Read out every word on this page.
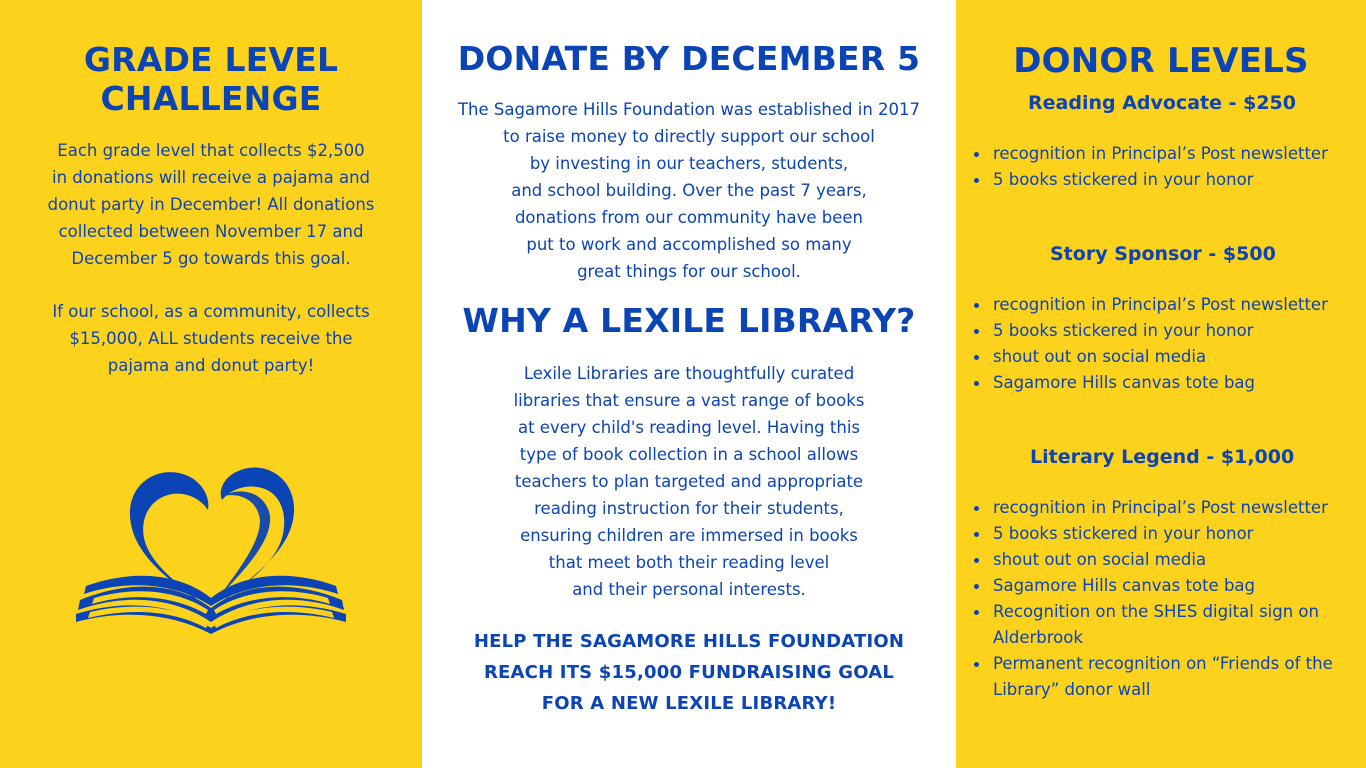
GRADE LEVEL
CHALLENGE

Each grade level that collects $2,500
in donations will receive a pajama and
donut party in December! All donations
collected between November 17 and
December 5 go towards this goal.

If our school, as a community, collects
$15,000, ALL students receive the
pajama and donut party!

DONATE BY DECEMBER 5

The Sagamore Hills Foundation was established in 2017
to raise money to directly support our school
by investing in our teachers, students,
and school building. Over the past 7 years,
donations from our community have been
put to work and accomplished so many
great things for our school.

WHY A LEXILE LIBRARY?

Lexile Libraries are thoughtfully curated
libraries that ensure a vast range of books
at every child's reading level. Having this
type of book collection in a school allows
teachers to plan targeted and appropriate
reading instruction for their students,
ensuring children are immersed in books
that meet both their reading level
and their personal interests.

HELP THE SAGAMORE HILLS FOUNDATION
REACH ITS $15,000 FUNDRAISING GOAL
FOR A NEW LEXILE LIBRARY!

DONOR LEVELS
Reading Advocate - $250
recognition in Principal’s Post newsletter
5 books stickered in your honor
Story Sponsor - $500
recognition in Principal’s Post newsletter
5 books stickered in your honor
shout out on social media
Sagamore Hills canvas tote bag
Literary Legend - $1,000
recognition in Principal’s Post newsletter
5 books stickered in your honor
shout out on social media
Sagamore Hills canvas tote bag
Recognition on the SHES digital sign on Alderbrook
Permanent recognition on “Friends of the Library” donor wall
